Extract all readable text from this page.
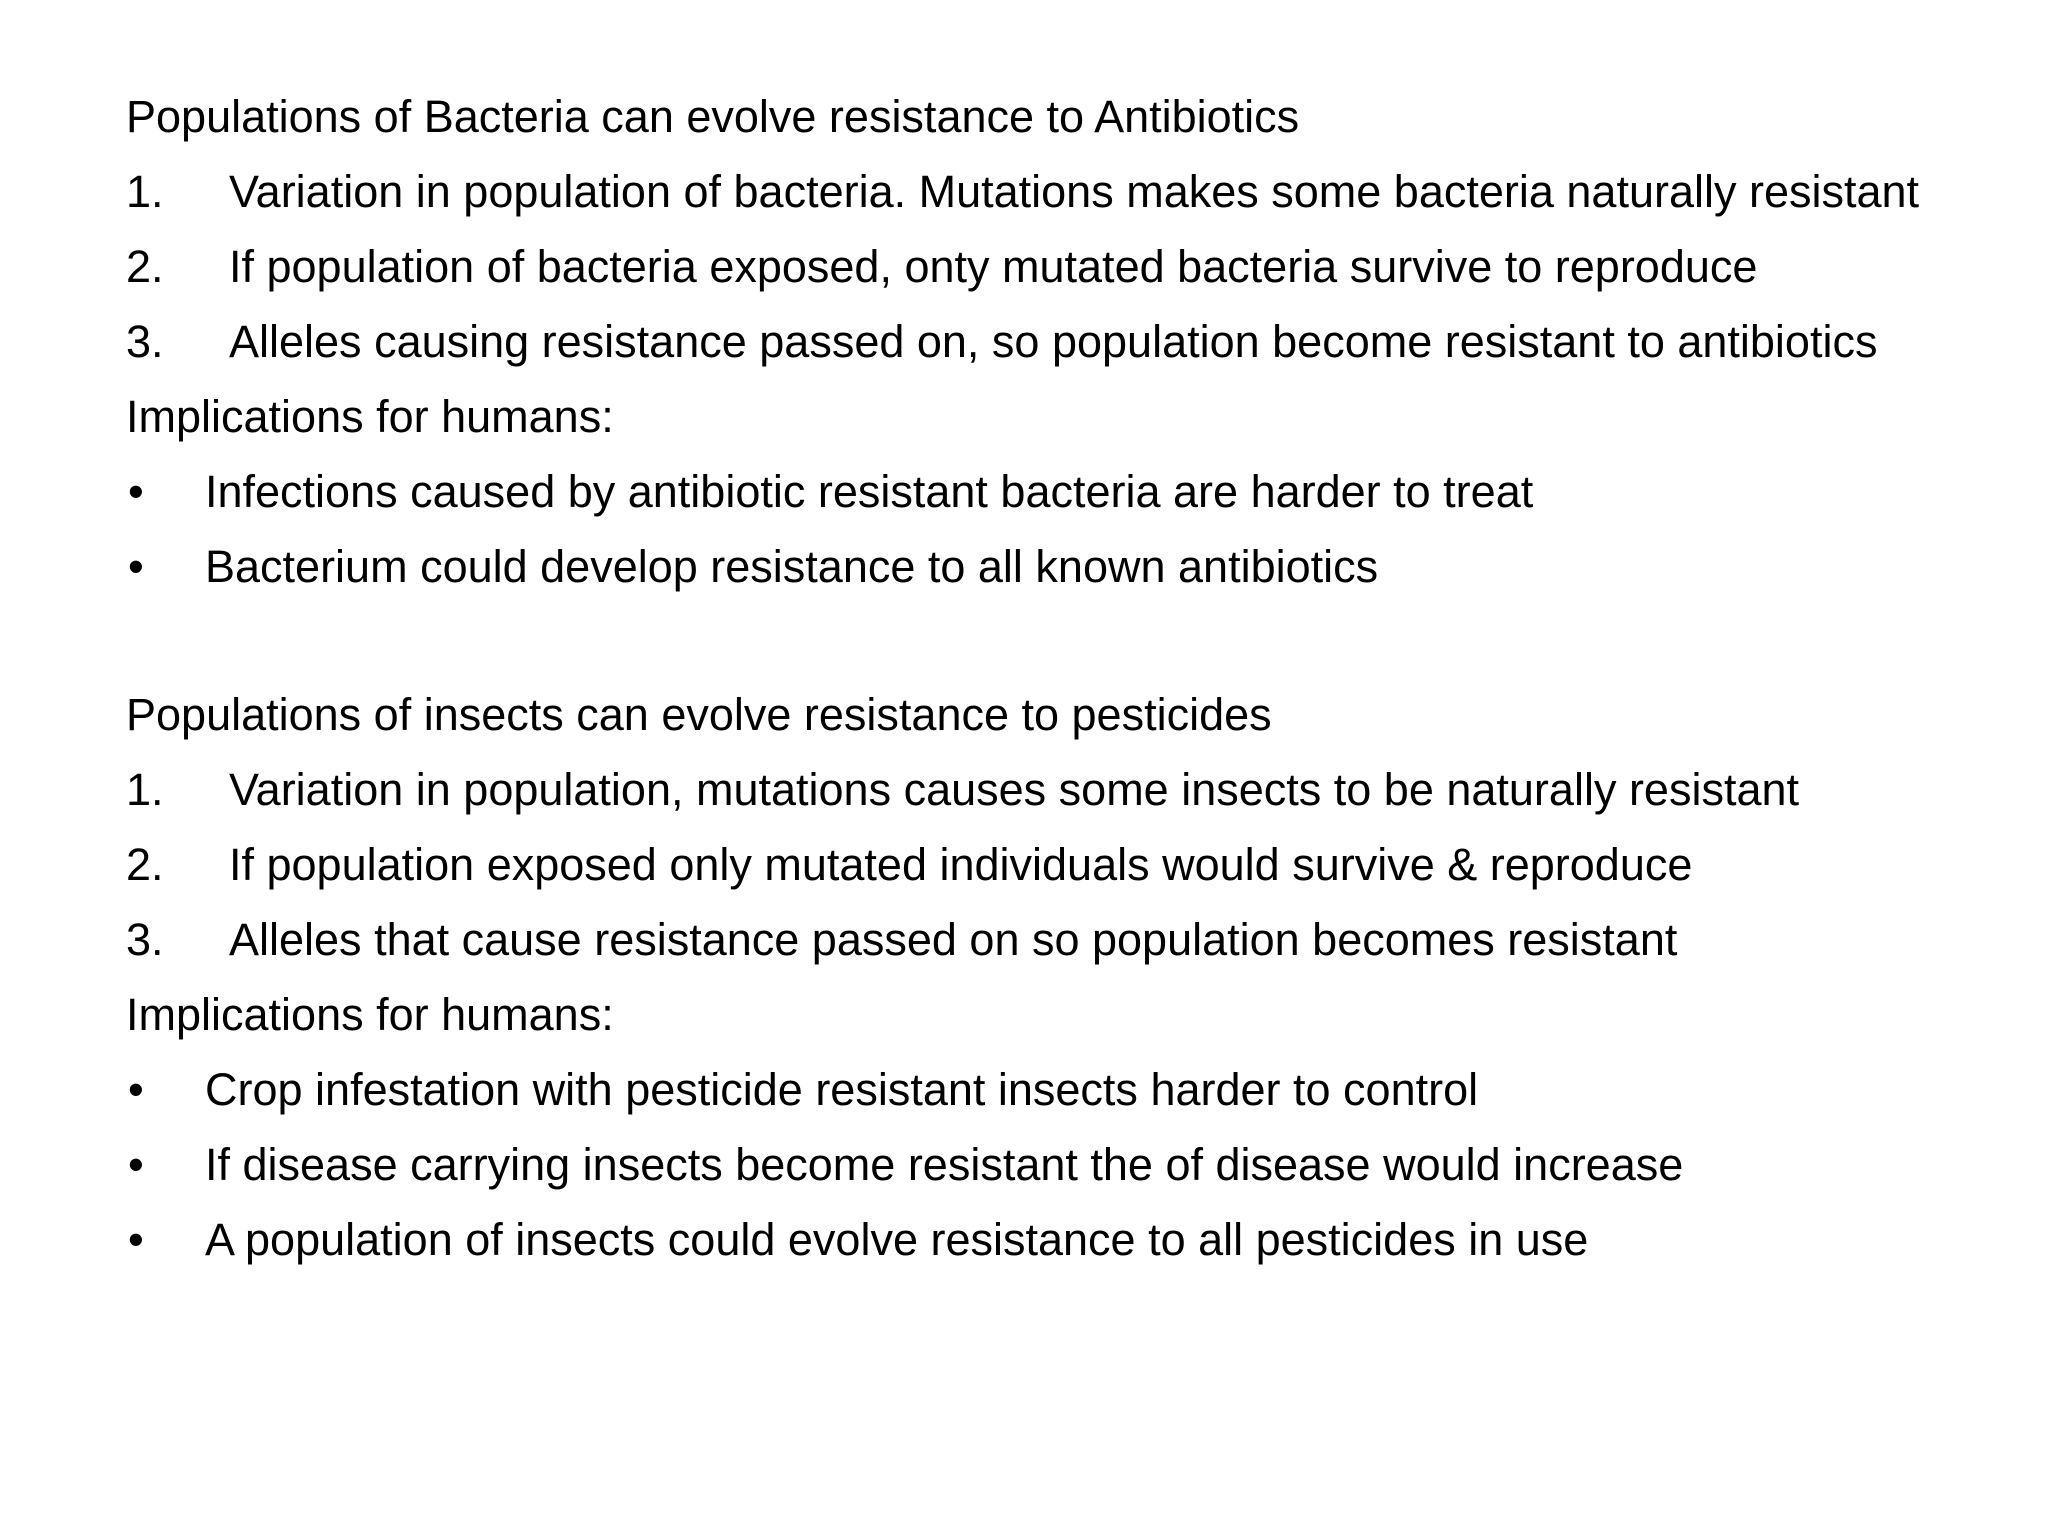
Populations of Bacteria can evolve resistance to Antibiotics
1.	Variation in population of bacteria. Mutations makes some bacteria naturally resistant
2.	If population of bacteria exposed, onty mutated bacteria survive to reproduce
3.	Alleles causing resistance passed on, so population become resistant to antibiotics
Implications for humans:
•	Infections caused by antibiotic resistant bacteria are harder to treat
•	Bacterium could develop resistance to all known antibiotics
Populations of insects can evolve resistance to pesticides
1.	Variation in population, mutations causes some insects to be naturally resistant
2.	If population exposed only mutated individuals would survive & reproduce
3.	Alleles that cause resistance passed on so population becomes resistant
Implications for humans:
•	Crop infestation with pesticide resistant insects harder to control
•	If disease carrying insects become resistant the of disease would increase
•	A population of insects could evolve resistance to all pesticides in use
